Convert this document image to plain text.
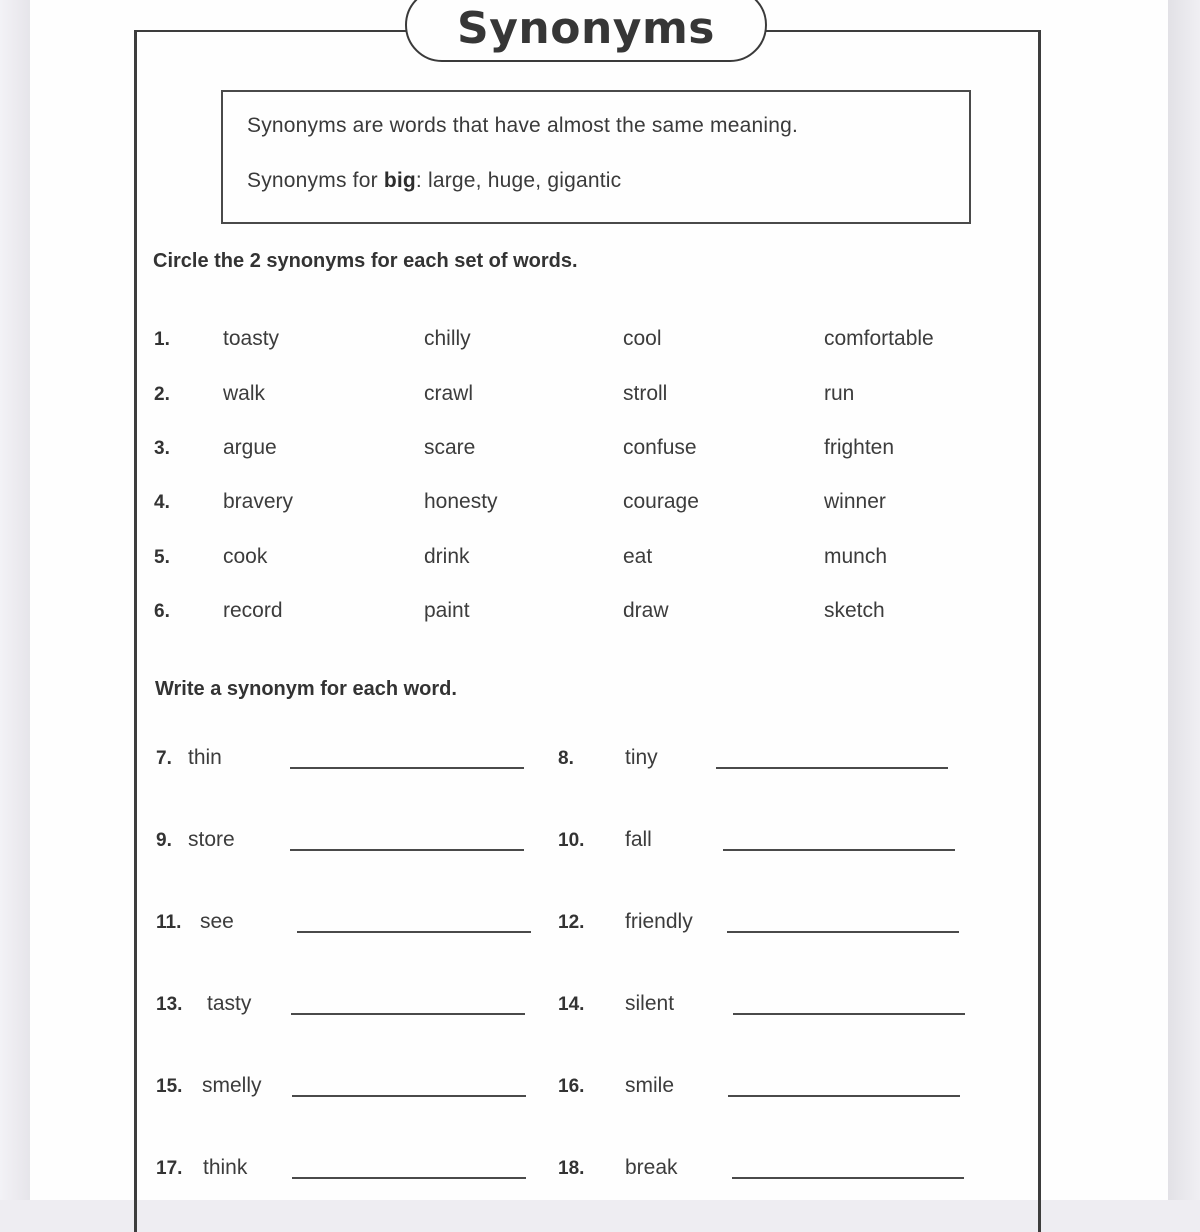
Synonyms
Synonyms are words that have almost the same meaning.
Synonyms for big: large, huge, gigantic
Circle the 2 synonyms for each set of words.
1.	toasty	chilly	cool	comfortable
2.	walk	crawl	stroll	run
3.	argue	scare	confuse	frighten
4.	bravery	honesty	courage	winner
5.	cook	drink	eat	munch
6.	record	paint	draw	sketch
Write a synonym for each word.
7. thin	8. tiny
9. store	10. fall
11. see	12. friendly
13. tasty	14. silent
15. smelly	16. smile
17. think	18. break
